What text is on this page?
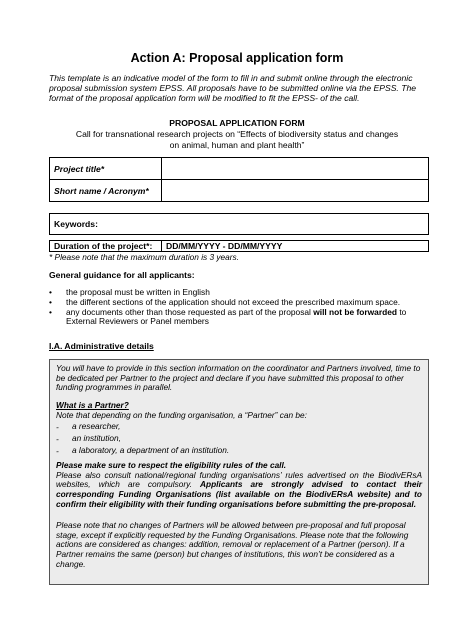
Action A: Proposal application form
This template is an indicative model of the form to fill in and submit online through the electronic proposal submission system EPSS. All proposals have to be submitted online via the EPSS. The format of the proposal application form will be modified to fit the EPSS- of the call.
PROPOSAL APPLICATION FORM
Call for transnational research projects on “Effects of biodiversity status and changes on animal, human and plant health”
Project title*	
Short name / Acronym*	
Keywords:
Duration of the project*:	DD/MM/YYYY - DD/MM/YYYY
* Please note that the maximum duration is 3 years.
General guidance for all applicants:
• the proposal must be written in English
• the different sections of the application should not exceed the prescribed maximum space.
• any documents other than those requested as part of the proposal will not be forwarded to External Reviewers or Panel members
I.A. Administrative details
You will have to provide in this section information on the coordinator and Partners involved, time to be dedicated per Partner to the project and declare if you have submitted this proposal to other funding programmes in parallel.
What is a Partner?
Note that depending on the funding organisation, a “Partner” can be:
- a researcher,
- an institution,
- a laboratory, a department of an institution.
Please make sure to respect the eligibility rules of the call.
Please also consult national/regional funding organisations’ rules advertised on the BiodivERsA websites, which are compulsory. Applicants are strongly advised to contact their corresponding Funding Organisations (list available on the BiodivERsA website) and to confirm their eligibility with their funding organisations before submitting the pre-proposal.
Please note that no changes of Partners will be allowed between pre-proposal and full proposal stage, except if explicitly requested by the Funding Organisations. Please note that the following actions are considered as changes: addition, removal or replacement of a Partner (person). If a Partner remains the same (person) but changes of institutions, this won’t be considered as a change.
